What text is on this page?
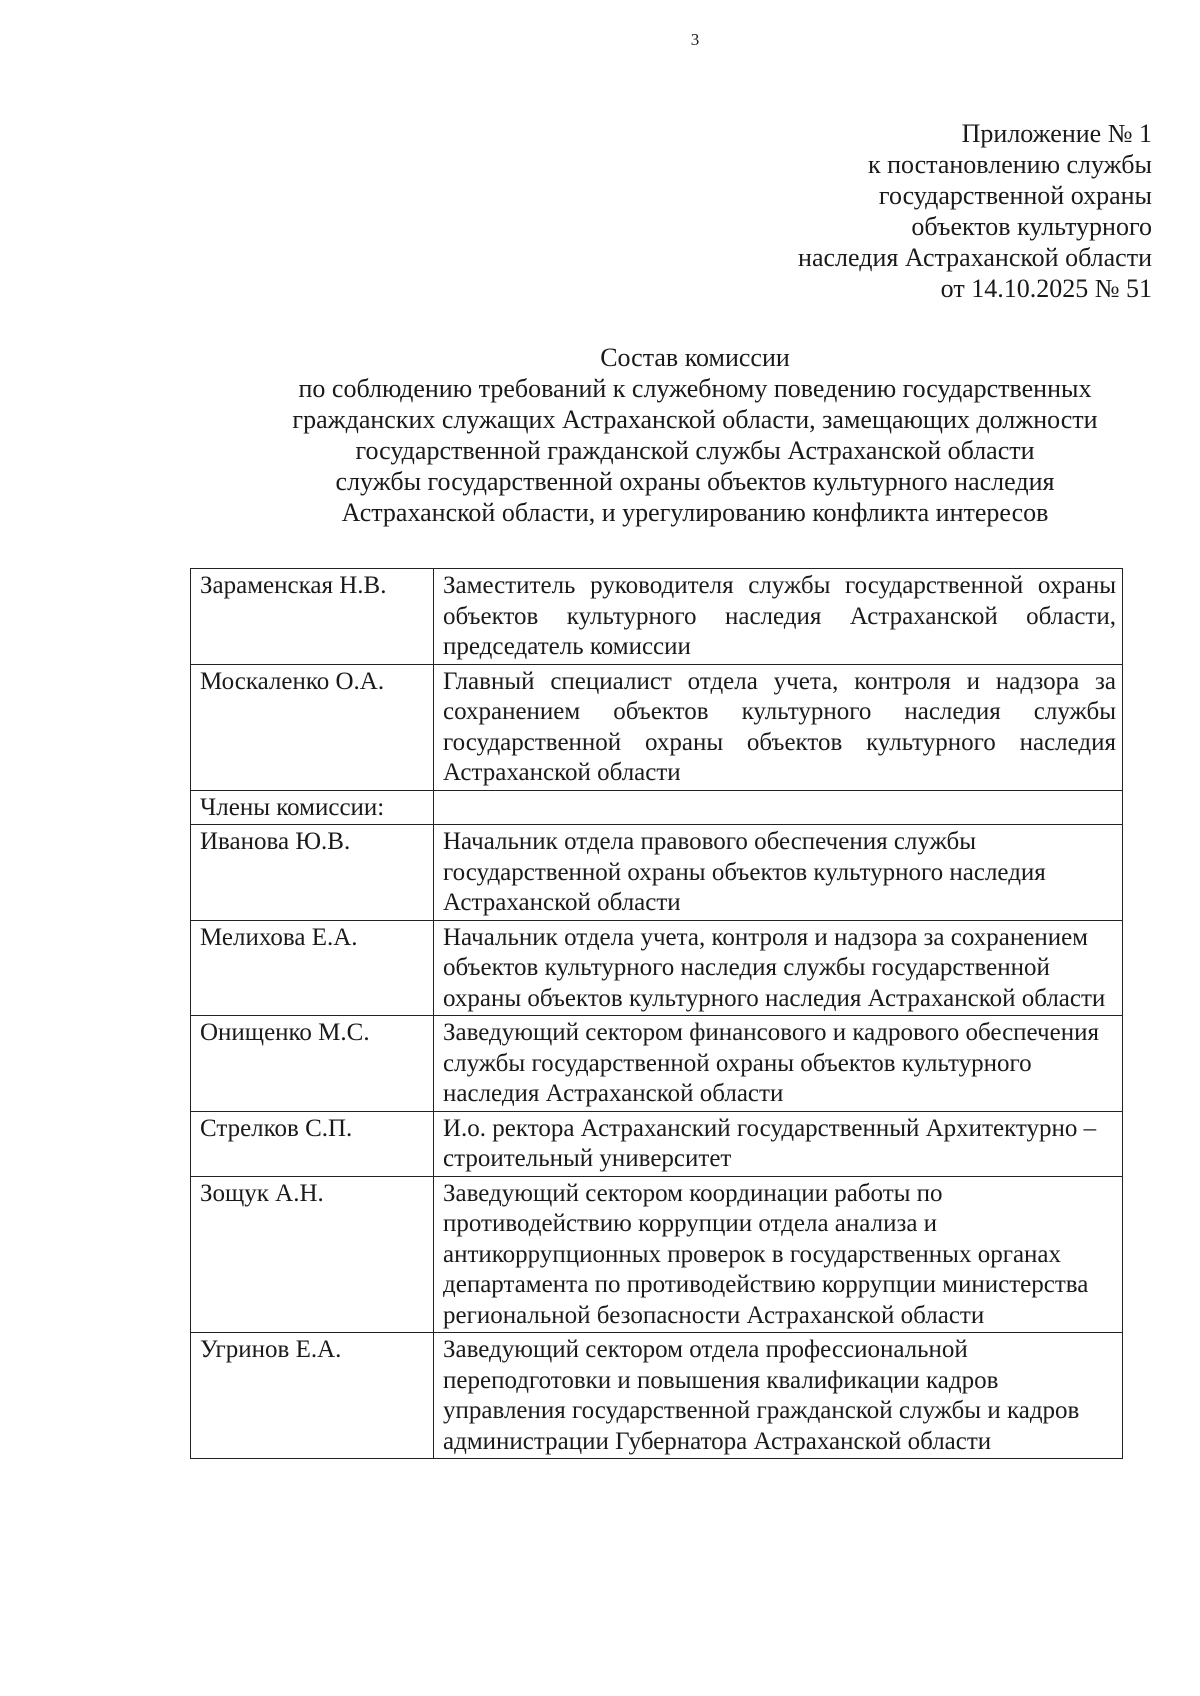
3
Приложение № 1
к постановлению службы
государственной охраны
объектов культурного
наследия Астраханской области
от 14.10.2025 № 51
Состав комиссии
по соблюдению требований к служебному поведению государственных
гражданских служащих Астраханской области, замещающих должности
государственной гражданской службы Астраханской области
службы государственной охраны объектов культурного наследия
Астраханской области, и урегулированию конфликта интересов
Зараменская Н.В.	Заместитель руководителя службы государственной охраны объектов культурного наследия Астраханской области, председатель комиссии
Москаленко О.А.	Главный специалист отдела учета, контроля и надзора за сохранением объектов культурного наследия службы государственной охраны объектов культурного наследия Астраханской области
Члены комиссии:	
Иванова Ю.В.	Начальник отдела правового обеспечения службы государственной охраны объектов культурного наследия Астраханской области
Мелихова Е.А.	Начальник отдела учета, контроля и надзора за сохранением объектов культурного наследия службы государственной охраны объектов культурного наследия Астраханской области
Онищенко М.С.	Заведующий сектором финансового и кадрового обеспечения службы государственной охраны объектов культурного наследия Астраханской области
Стрелков С.П.	И.о. ректора Астраханский государственный Архитектурно – строительный университет
Зощук А.Н.	Заведующий сектором координации работы по противодействию коррупции отдела анализа и антикоррупционных проверок в государственных органах департамента по противодействию коррупции министерства региональной безопасности Астраханской области
Угринов Е.А.	Заведующий сектором отдела профессиональной переподготовки и повышения квалификации кадров управления государственной гражданской службы и кадров администрации Губернатора Астраханской области
